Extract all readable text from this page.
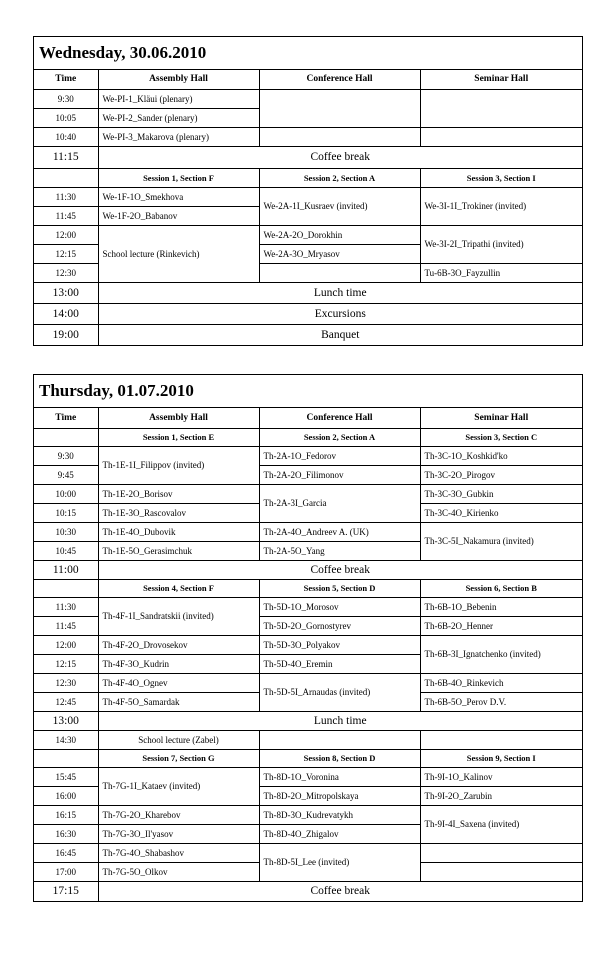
Wednesday, 30.06.2010
Time	Assembly Hall	Conference Hall	Seminar Hall
9:30	We-PI-1_Kläui (plenary)		
10:05	We-PI-2_Sander (plenary)		
10:40	We-PI-3_Makarova (plenary)		
11:15	Coffee break		
	Session 1, Section F	Session 2, Section A	Session 3, Section I
11:30	We-1F-1O_Smekhova	We-2A-1I_Kusraev (invited)	We-3I-1I_Trokiner (invited)
11:45	We-1F-2O_Babanov		
12:00	School lecture (Rinkevich)	We-2A-2O_Dorokhin	We-3I-2I_Tripathi (invited)
12:15		We-2A-3O_Mryasov	
12:30			Tu-6B-3O_Fayzullin
13:00	Lunch time		
14:00	Excursions		
19:00	Banquet		
Thursday, 01.07.2010
Time	Assembly Hall	Conference Hall	Seminar Hall
	Session 1, Section E	Session 2, Section A	Session 3, Section C
9:30	Th-1E-1I_Filippov (invited)	Th-2A-1O_Fedorov	Th-3C-1O_Koshkid'ko
9:45		Th-2A-2O_Filimonov	Th-3C-2O_Pirogov
10:00	Th-1E-2O_Borisov	Th-2A-3I_Garcia	Th-3C-3O_Gubkin
10:15	Th-1E-3O_Rascovalov		Th-3C-4O_Kirienko
10:30	Th-1E-4O_Dubovik	Th-2A-4O_Andreev A. (UK)	Th-3C-5I_Nakamura (invited)
10:45	Th-1E-5O_Gerasimchuk	Th-2A-5O_Yang	
11:00	Coffee break		
	Session 4, Section F	Session 5, Section D	Session 6, Section B
11:30	Th-4F-1I_Sandratskii (invited)	Th-5D-1O_Morosov	Th-6B-1O_Bebenin
11:45		Th-5D-2O_Gornostyrev	Th-6B-2O_Henner
12:00	Th-4F-2O_Drovosekov	Th-5D-3O_Polyakov	Th-6B-3I_Ignatchenko (invited)
12:15	Th-4F-3O_Kudrin	Th-5D-4O_Eremin	
12:30	Th-4F-4O_Ognev	Th-5D-5I_Arnaudas (invited)	Th-6B-4O_Rinkevich
12:45	Th-4F-5O_Samardak		Th-6B-5O_Perov D.V.
13:00	Lunch time		
14:30	School lecture (Zabel)		
	Session 7, Section G	Session 8, Section D	Session 9, Section I
15:45	Th-7G-1I_Kataev (invited)	Th-8D-1O_Voronina	Th-9I-1O_Kalinov
16:00		Th-8D-2O_Mitropolskaya	Th-9I-2O_Zarubin
16:15	Th-7G-2O_Kharebov	Th-8D-3O_Kudrevatykh	Th-9I-4I_Saxena (invited)
16:30	Th-7G-3O_Il'yasov	Th-8D-4O_Zhigalov	
16:45	Th-7G-4O_Shabashov	Th-8D-5I_Lee (invited)	
17:00	Th-7G-5O_Olkov		
17:15	Coffee break		
